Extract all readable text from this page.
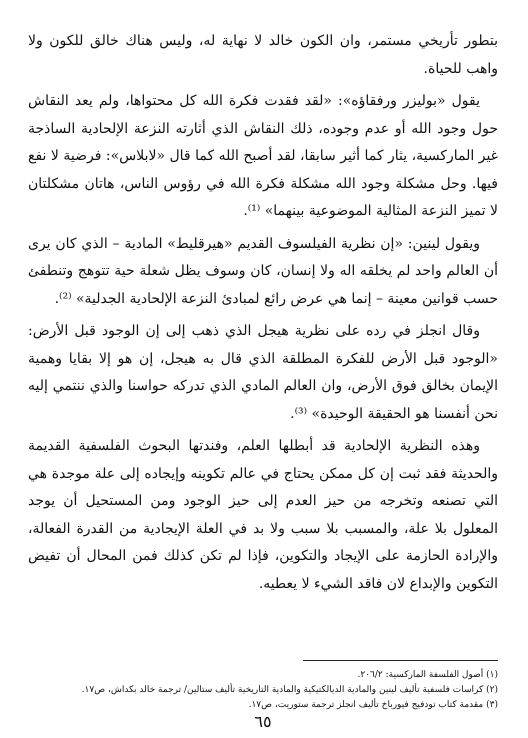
بتطور تأريخي مستمر، وان الكون خالد لا نهاية له، وليس هناك خالق للكون ولا واهب للحياة.

يقول «بوليزر ورفقاؤه»: «لقد فقدت فكرة الله كل محتواها، ولم يعد النقاش حول وجود الله أو عدم وجوده، ذلك النقاش الذي أثارته النزعة الإلحادية الساذجة غير الماركسية، يثار كما أثير سابقا، لقد أصبح الله كما قال «لابلاس»: فرضية لا نفع فيها. وحل مشكلة وجود الله مشكلة فكرة الله في رؤوس الناس، هاتان مشكلتان لا تميز النزعة المثالية الموضوعية بينهما» ⁽¹⁾.

ويقول لينين: «إن نظرية الفيلسوف القديم «هيرقليط» المادية – الذي كان يرى أن العالم واحد لم يخلقه اله ولا إنسان، كان وسوف يظل شعلة حية تتوهج وتنطفئ حسب قوانين معينة – إنما هي عرض رائع لمبادئ النزعة الإلحادية الجدلية» ⁽²⁾.

وقال انجلز في رده على نظرية هيجل الذي ذهب إلى إن الوجود قبل الأرض: «الوجود قبل الأرض للفكرة المطلقة الذي قال به هيجل، إن هو إلا بقايا وهمية الإيمان بخالق فوق الأرض، وان العالم المادي الذي تدركه حواسنا والذي ننتمي إليه نحن أنفسنا هو الحقيقة الوحيدة» ⁽³⁾.

وهذه النظرية الإلحادية قد أبطلها العلم، وفندتها البحوث الفلسفية القديمة والحديثة فقد ثبت إن كل ممكن يحتاج في عالم تكوينه وإيجاده إلى علة موجدة هي التي تصنعه وتخرجه من حيز العدم إلى حيز الوجود ومن المستحيل أن يوجد المعلول بلا علة، والمسبب بلا سبب ولا بد في العلة الإيجادية من القدرة الفعالة، والإرادة الحازمة على الإيجاد والتكوين، فإذا لم تكن كذلك فمن المحال أن تفيض التكوين والإبداع لان فاقد الشيء لا يعطيه.

(١) أصول الفلسفة الماركسية: ٢٠٦/٢.

(٢) كراسات فلسفية تأليف لينين والمادية الديالكتيكية والمادية التاريخية تأليف ستالين/ ترجمة خالد بكداش، ص١٧.

(٣) مقدمة كتاب تودفيج فيورباخ تأليف انجلز ترجمة ستوريت، ص١٧.

٦٥
